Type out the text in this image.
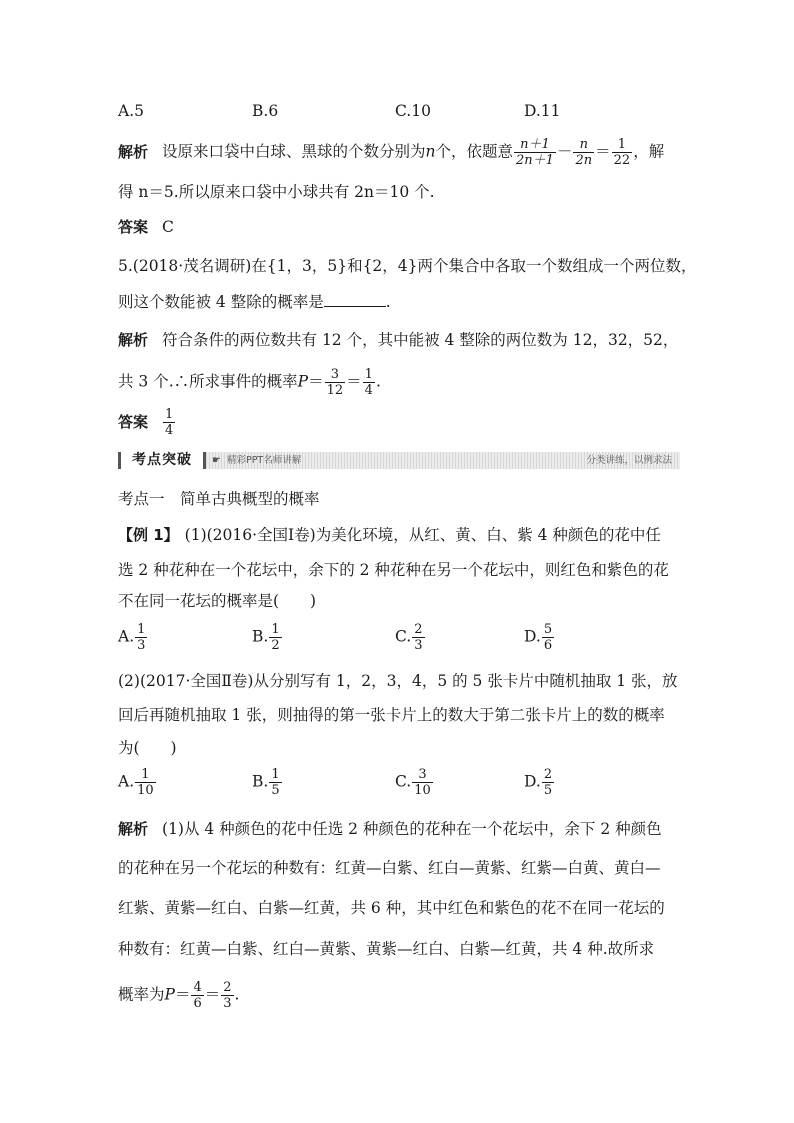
A.5	B.6	C.10	D.11
解析 设原来口袋中白球、黑球的个数分别为n个，依题意 $\frac{n+1}{2n+1} - \frac{n}{2n} = \frac{1}{22}$ ，解
得 n＝5.所以原来口袋中小球共有 2n＝10 个.
答案 C
5.(2018·茂名调研)在{1，3，5}和{2，4}两个集合中各取一个数组成一个两位数，
则这个数能被 4 整除的概率是	.
解析 符合条件的两位数共有 12 个，其中能被 4 整除的两位数为 12，32，52，
共 3 个.∴所求事件的概率$P= \frac{3}{12} = \frac{1}{4}$ .
答案 $\frac{1}{4}$
考点突破	☛ 精彩PPT名师讲解	分类讲练，以例求法
考点一　简单古典概型的概率
【例 1】 (1)(2016·全国Ⅰ卷)为美化环境，从红、黄、白、紫 4 种颜色的花中任
选 2 种花种在一个花坛中，余下的 2 种花种在另一个花坛中，则红色和紫色的花
不在同一花坛的概率是(　　)
A. $\frac{1}{3}$	B. $\frac{1}{2}$	C. $\frac{2}{3}$	D. $\frac{5}{6}$
(2)(2017·全国Ⅱ卷)从分别写有 1，2，3，4，5 的 5 张卡片中随机抽取 1 张，放
回后再随机抽取 1 张，则抽得的第一张卡片上的数大于第二张卡片上的数的概率
为(　　)
A. $\frac{1}{10}$	B. $\frac{1}{5}$	C. $\frac{3}{10}$	D. $\frac{2}{5}$
解析 (1)从 4 种颜色的花中任选 2 种颜色的花种在一个花坛中，余下 2 种颜色
的花种在另一个花坛的种数有：红黄—白紫、红白—黄紫、红紫—白黄、黄白—
红紫、黄紫—红白、白紫—红黄，共 6 种，其中红色和紫色的花不在同一花坛的
种数有：红黄—白紫、红白—黄紫、黄紫—红白、白紫—红黄，共 4 种.故所求
概率为$P= \frac{4}{6} = \frac{2}{3}$ .
